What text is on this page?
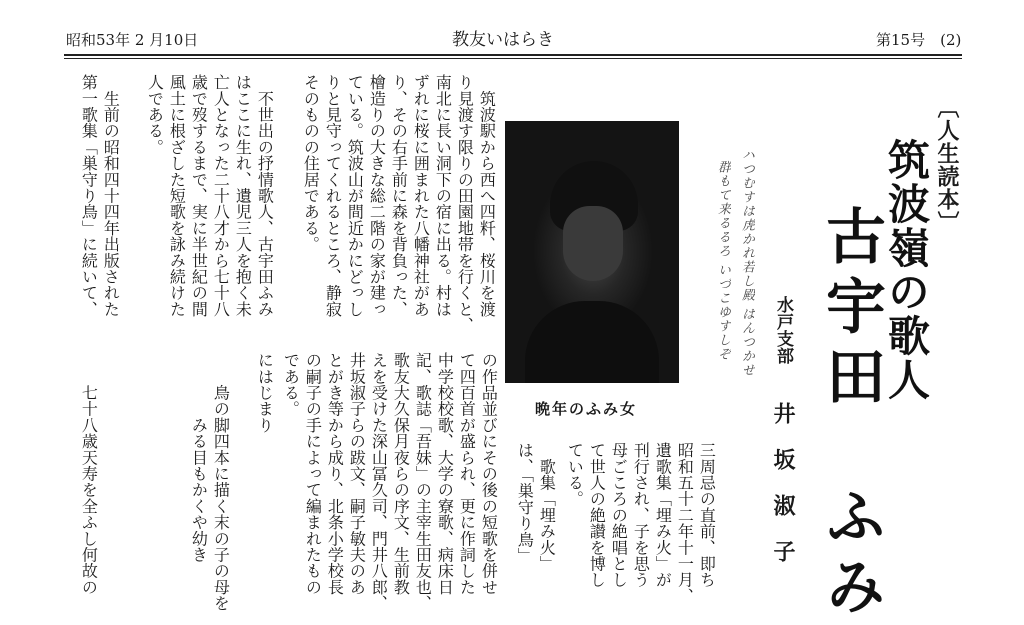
昭和53年 2 月10日	教友いはらき	第15号　(2)
〔人生読本〕
筑波嶺の歌人
古宇田　ふみ
水戸支部
井坂淑子
ハつむすは虎かれ若し殿 はんつかせ
群もて来るるろ いづこゆすしぞ
晩年のふみ女
三周忌の直前、即ち
昭和五十二年十一月、
遺歌集「埋み火」が
刊行され、子を思う
母ごころの絶唱とし
て世人の絶讃を博し
ている。
　歌集「埋み火」
は、「巣守り鳥」
の作品並びにその後の短歌を併せ
て四百首が盛られ、更に作詞した
中学校校歌、大学の寮歌、病床日
記、歌誌「吾妹」の主宰生田友也、
歌友大久保月夜らの序文、生前教
えを受けた深山冨久司、門井八郎、
井坂淑子らの跋文、嗣子敏夫のあ
とがき等から成り、北条小学校長
の嗣子の手によって編まれたもの
である。
にはじまり
　　鳥の脚四本に描く末の子の母を
　　　　みる目もかくや幼き
　　七十八歳天寿を全ふし何故の
　筑波駅から西へ四粁、桜川を渡
り見渡す限りの田園地帯を行くと、
南北に長い洞下の宿に出る。村は
ずれに桜に囲まれた八幡神社があ
り、その右手前に森を背負った、
檜造りの大きな総二階の家が建っ
ている。筑波山が間近かにどっし
りと見守ってくれるところ、静寂
そのものの住居である。
　不世出の抒情歌人、古宇田ふみ
はここに生れ、遺児三人を抱く未
亡人となった二十八才から七十八
歳で歿するまで、実に半世紀の間
風土に根ざした短歌を詠み続けた
人である。
　生前の昭和四十四年出版された
第一歌集「巣守り鳥」に続いて、
